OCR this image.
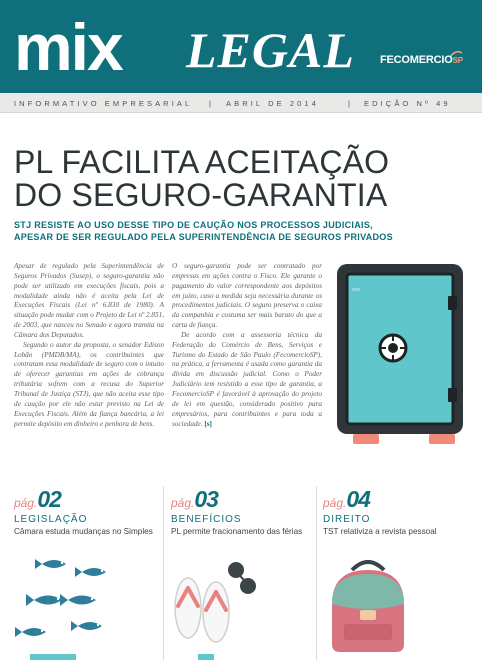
mix LEGAL FECOMERCIOSP
INFORMATIVO EMPRESARIAL | ABRIL DE 2014	| EDIÇÃO Nº 49
PL FACILITA ACEITAÇÃO
DO SEGURO-GARANTIA
STJ RESISTE AO USO DESSE TIPO DE CAUÇÃO NOS PROCESSOS JUDICIAIS,
APESAR DE SER REGULADO PELA SUPERINTENDÊNCIA DE SEGUROS PRIVADOS

Apesar de regulado pela Superintendência de Seguros Privados (Susep), o seguro-garantia não pode ser utilizado em execuções fiscais, pois a modalidade ainda não é aceita pela Lei de Execuções Fiscais (Lei nº 6.830 de 1980). A situação pode mudar com o Projeto de Lei nº 2.851, de 2003, que nasceu no Senado e agora tramita na Câmara dos Deputados.

Segundo o autor da proposta, o senador Edison Lobão (PMDB/MA), os contribuintes que contratam essa modalidade de seguro com o intuito de oferecer garantias em ações de cobrança tributária sofrem com a recusa do Superior Tribunal de Justiça (STJ), que não aceita esse tipo de caução por ele não estar previsto na Lei de Execuções Fiscais. Além da fiança bancária, a lei permite depósito em dinheiro e penhora de bens.

O seguro-garantia pode ser contratado por empresas em ações contra o Fisco. Ele garante o pagamento do valor correspondente aos depósitos em juízo, caso a medida seja necessária durante os procedimentos judiciais. O seguro preserva o caixa da companhia e costuma ser mais barato do que a carta de fiança.

De acordo com a assessoria técnica da Federação do Comércio de Bens, Serviços e Turismo do Estado de São Paulo (FecomercioSP), na prática, a ferramenta é usada como garantia da dívida em discussão judicial. Como o Poder Judiciário tem resistido a esse tipo de garantia, a FecomercioSP é favorável à aprovação do projeto de lei em questão, considerado positivo para empresários, para contribuintes e para toda a sociedade. [s]

pág.02
LEGISLAÇÃO
Câmara estuda mudanças no Simples
pág.03
BENEFÍCIOS
PL permite fracionamento das férias
pág.04
DIREITO
TST relativiza a revista pessoal
